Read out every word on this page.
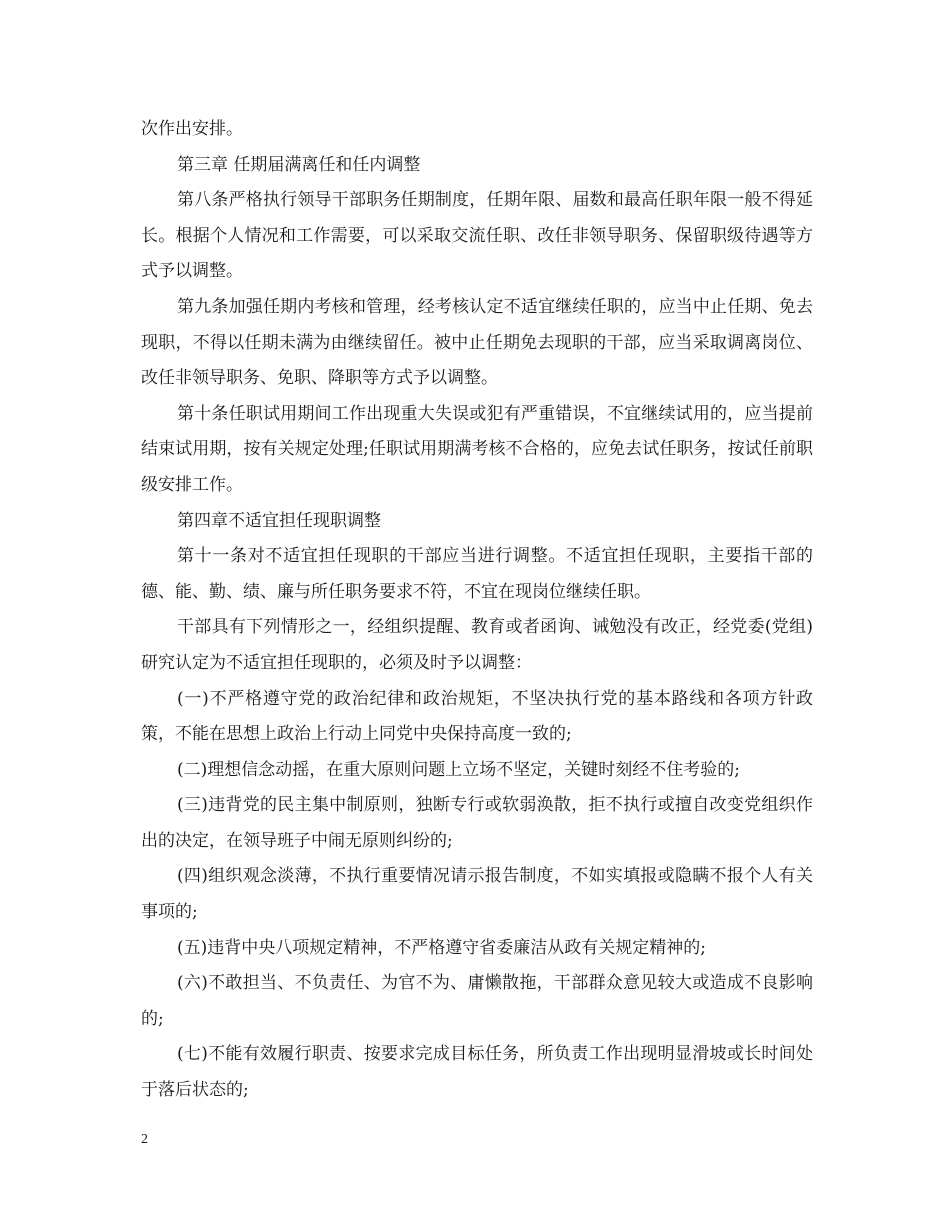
次作出安排。

第三章 任期届满离任和任内调整

第八条严格执行领导干部职务任期制度，任期年限、届数和最高任职年限一般不得延长。根据个人情况和工作需要，可以采取交流任职、改任非领导职务、保留职级待遇等方式予以调整。

第九条加强任期内考核和管理，经考核认定不适宜继续任职的，应当中止任期、免去现职，不得以任期未满为由继续留任。被中止任期免去现职的干部，应当采取调离岗位、改任非领导职务、免职、降职等方式予以调整。

第十条任职试用期间工作出现重大失误或犯有严重错误，不宜继续试用的，应当提前结束试用期，按有关规定处理;任职试用期满考核不合格的，应免去试任职务，按试任前职级安排工作。

第四章不适宜担任现职调整

第十一条对不适宜担任现职的干部应当进行调整。不适宜担任现职，主要指干部的德、能、勤、绩、廉与所任职务要求不符，不宜在现岗位继续任职。

干部具有下列情形之一，经组织提醒、教育或者函询、诫勉没有改正，经党委(党组)研究认定为不适宜担任现职的，必须及时予以调整：

(一)不严格遵守党的政治纪律和政治规矩，不坚决执行党的基本路线和各项方针政策，不能在思想上政治上行动上同党中央保持高度一致的;

(二)理想信念动摇，在重大原则问题上立场不坚定，关键时刻经不住考验的;

(三)违背党的民主集中制原则，独断专行或软弱涣散，拒不执行或擅自改变党组织作出的决定，在领导班子中闹无原则纠纷的;

(四)组织观念淡薄，不执行重要情况请示报告制度，不如实填报或隐瞒不报个人有关事项的;

(五)违背中央八项规定精神，不严格遵守省委廉洁从政有关规定精神的;

(六)不敢担当、不负责任、为官不为、庸懒散拖，干部群众意见较大或造成不良影响的;

(七)不能有效履行职责、按要求完成目标任务，所负责工作出现明显滑坡或长时间处于落后状态的;

2
